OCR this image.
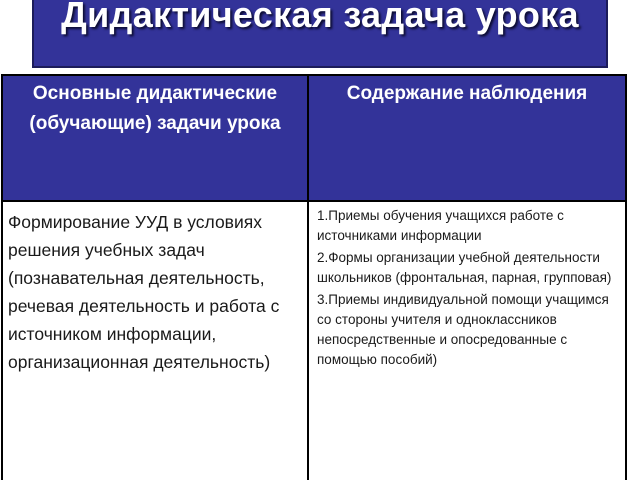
Дидактическая задача урока
Основные дидактические (обучающие) задачи урока
Содержание наблюдения
Формирование УУД в условиях решения учебных задач (познавательная деятельность, речевая деятельность и работа с источником информации, организационная деятельность)
1.Приемы обучения учащихся работе с источниками информации
2.Формы организации учебной деятельности школьников (фронтальная, парная, групповая)
3.Приемы индивидуальной помощи учащимся со стороны учителя и одноклассников непосредственные и опосредованные с помощью пособий)
